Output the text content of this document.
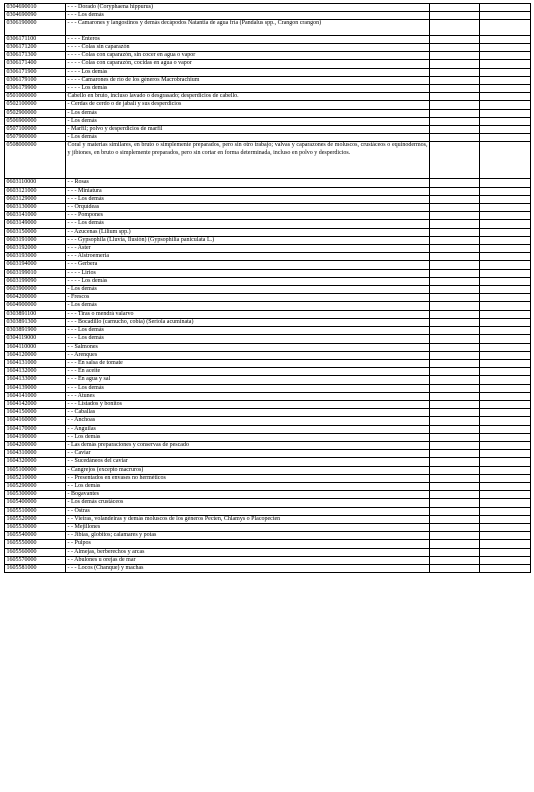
0304690010	- - - Dorado (Coryphaena hippurus)		
0304690090	- - - Los demás		
0306190000	- - - Camarones y langostinos y demás decápodos Natantia de agua fría (Pandalus spp., Crangon crangon)		
0306171100	- - - - Enteros		
0306171200	- - - - Colas sin caparazón		
0306171300	- - - - Colas con caparazón, sin cocer en agua o vapor		
0306171400	- - - - Colas con caparazón, cocidas en agua o vapor		
0306171900	- - - - Los demás		
0306179100	- - - - Camarones de río de los géneros Macrobrachium		
0306179900	- - - - Los demás		
0501000000	Cabello en bruto, incluso lavado o desgrasado; desperdicios de cabello.		
0502100000	- Cerdas de cerdo o de jabalí y sus desperdicios		
0502900000	- Los demás		
0506900000	- Los demás		
0507100000	- Marfil; polvo y desperdicios de marfil		
0507900000	- Los demás		
0508000000	Coral y materias similares, en bruto o simplemente preparados, pero sin otro trabajo; valvas y caparazones de moluscos, crustáceos o equinodermos, y jibiones, en bruto o simplemente preparados, pero sin cortar en forma determinada, incluso en polvo y desperdicios.		
0603110000	- - Rosas		
0603121000	- - - Miniatura		
0603129000	- - - Los demás		
0603130000	- - Orquídeas		
0603141000	- - - Pompones		
0603149000	- - - Los demás		
0603150000	- - Azucenas (Lilium spp.)		
0603191000	- - - Gypsophila (Lluvia, Ilusión) (Gypsophilia paniculata L.)		
0603192000	- - - Aster		
0603193000	- - - Alstroemeria		
0603194000	- - - Gerbera		
0603199010	- - - - Lirios		
0603199090	- - - - Los demás		
0603900000	- Los demás		
0604200000	- Frescos		
0604900000	- Los demás		
0303891100	- - - Tiras o mendrá valarvo		
0303891300	- - - Bocadillo (carnucho, cobia) (Seriola acuminata)		
0303891900	- - - Los demás		
0304119000	- - - Los demás		
1604110000	- - Salmones		
1604120000	- - Arenques		
1604131000	- - - En salsa de tomate		
1604132000	- - - En aceite		
1604133000	- - - En agua y sal		
1604139000	- - - Los demás		
1604141000	- - - Atunes		
1604142000	- - - Listados y bonitos		
1604150000	- - Caballas		
1604160000	- - Anchoas		
1604170000	- - Anguilas		
1604190000	- - Los demás		
1604200000	- Las demás preparaciones y conservas de pescado		
1604310000	- - Caviar		
1604320000	- - Sucedáneos del caviar		
1605100000	- Cangrejos (excepto macruros)		
1605210000	- - Presentados en envases no herméticos		
1605290000	- - Los demás		
1605300000	- Bogavantes		
1605400000	- Los demás crustáceos		
1605510000	- - Ostras		
1605520000	- - Vieiras, volandeiras y demás moluscos de los géneros Pecten, Chlamys o Placopecten		
1605530000	- - Mejillones		
1605540000	- - Jibias, globitos; calamares y potas		
1605550000	- - Pulpos		
1605560000	- - Almejas, berberechos y arcas		
1605570000	- - Abulones u orejas de mar		
1605581000	- - - Locos (Chanque) y machas		
